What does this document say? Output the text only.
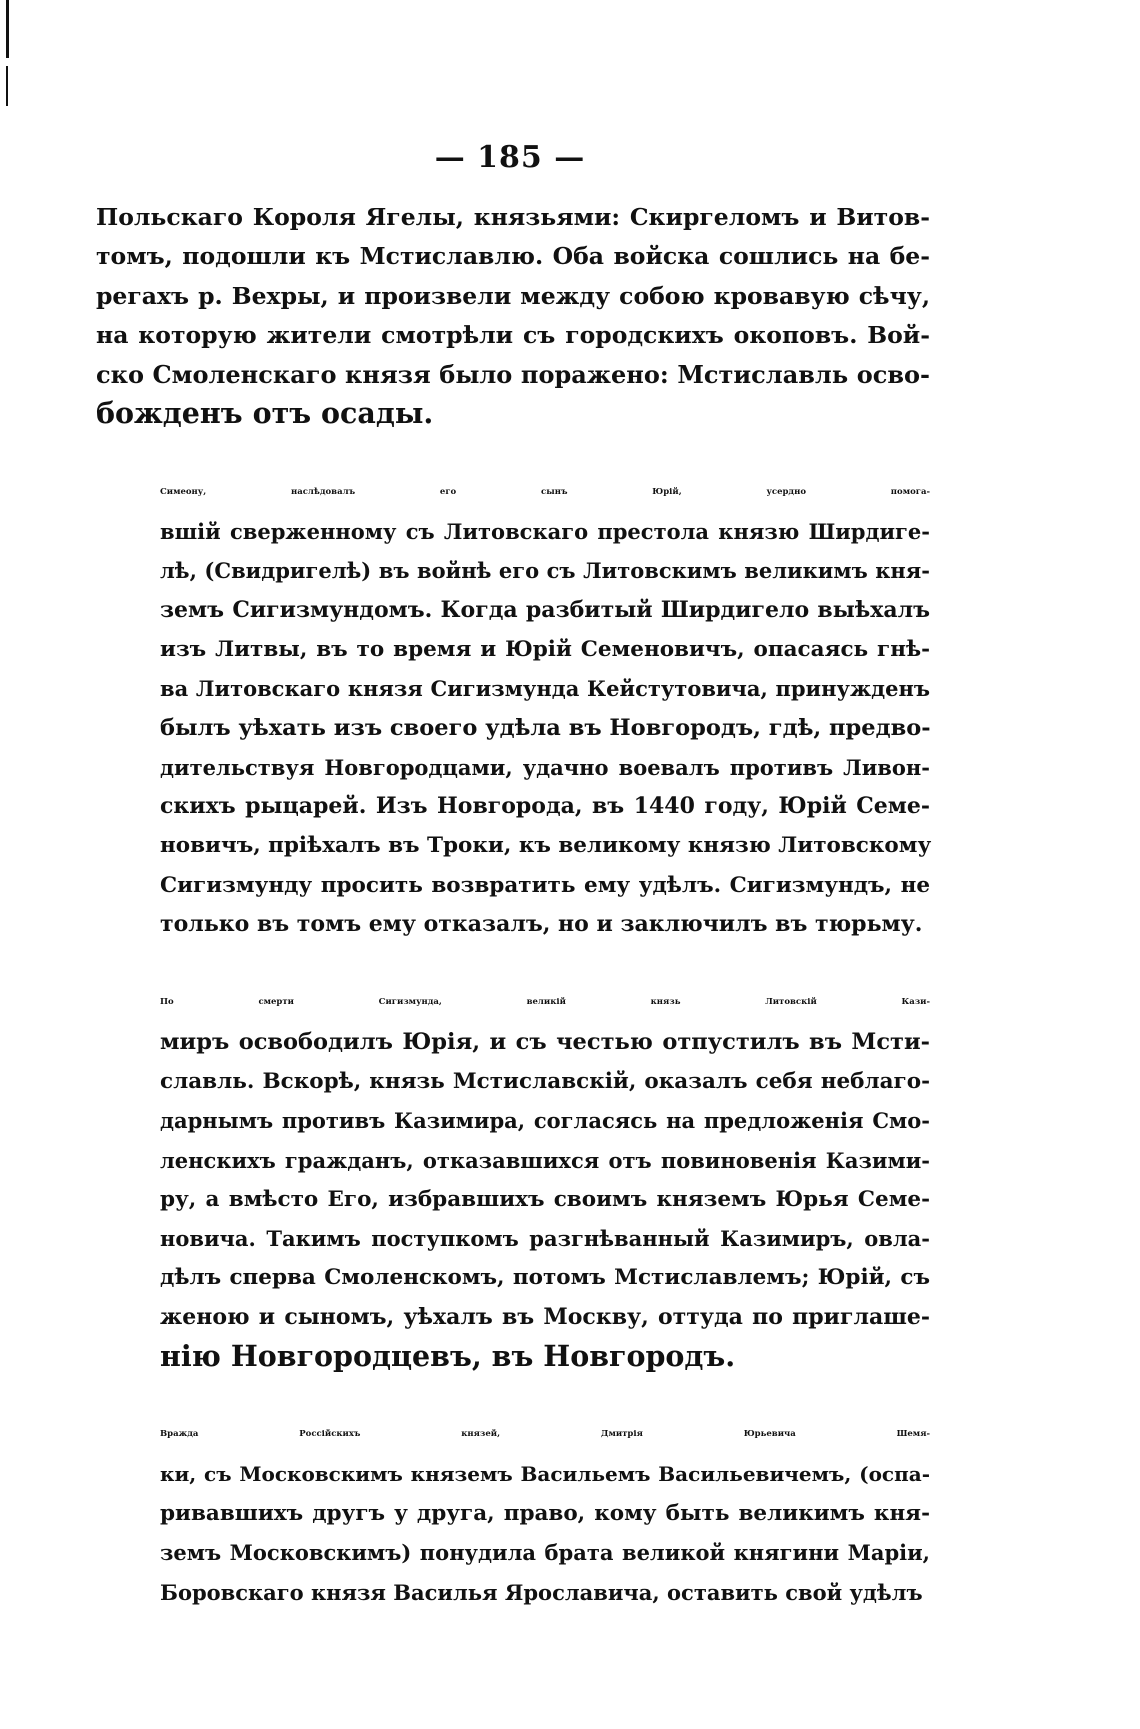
— 185 —

Польскаго Короля Ягелы, князьями: Скиргеломъ и Витов-
томъ, подошли къ Мстиславлю. Оба войска сошлись на бе-
регахъ р. Вехры, и произвели между собою кровавую сѣчу,
на которую жители смотрѣли съ городскихъ окоповъ. Вой-
ско Смоленскаго князя было поражено: Мстиславль осво-
божденъ отъ осады.

Симеону, наслѣдовалъ его сынъ Юрій, усердно помога-
вшій сверженному съ Литовскаго престола князю Ширдиге-
лѣ, (Свидригелѣ) въ войнѣ его съ Литовскимъ великимъ кня-
земъ Сигизмундомъ. Когда разбитый Ширдигело выѣхалъ
изъ Литвы, въ то время и Юрій Семеновичъ, опасаясь гнѣ-
ва Литовскаго князя Сигизмунда Кейстутовича, принужденъ
былъ уѣхать изъ своего удѣла въ Новгородъ, гдѣ, предво-
дительствуя Новгородцами, удачно воевалъ противъ Ливон-
скихъ рыцарей. Изъ Новгорода, въ 1440 году, Юрій Семе-
новичъ, пріѣхалъ въ Троки, къ великому князю Литовскому
Сигизмунду просить возвратить ему удѣлъ. Сигизмундъ, не
только въ томъ ему отказалъ, но и заключилъ въ тюрьму.

По смерти Сигизмунда, великій князь Литовскій Кази-
миръ освободилъ Юрія, и съ честью отпустилъ въ Мсти-
славль. Вскорѣ, князь Мстиславскій, оказалъ себя неблаго-
дарнымъ противъ Казимира, согласясь на предложенія Смо-
ленскихъ гражданъ, отказавшихся отъ повиновенія Казими-
ру, а вмѣсто Его, избравшихъ своимъ княземъ Юрья Семе-
новича. Такимъ поступкомъ разгнѣванный Казимиръ, овла-
дѣлъ сперва Смоленскомъ, потомъ Мстиславлемъ; Юрій, съ
женою и сыномъ, уѣхалъ въ Москву, оттуда по приглаше-
нію Новгородцевъ, въ Новгородъ.

Вражда Россійскихъ князей, Дмитрія Юрьевича Шемя-
ки, съ Московскимъ княземъ Васильемъ Васильевичемъ, (оспа-
ривавшихъ другъ у друга, право, кому быть великимъ кня-
земъ Московскимъ) понудила брата великой княгини Маріи,
Боровскаго князя Василья Ярославича, оставить свой удѣлъ
